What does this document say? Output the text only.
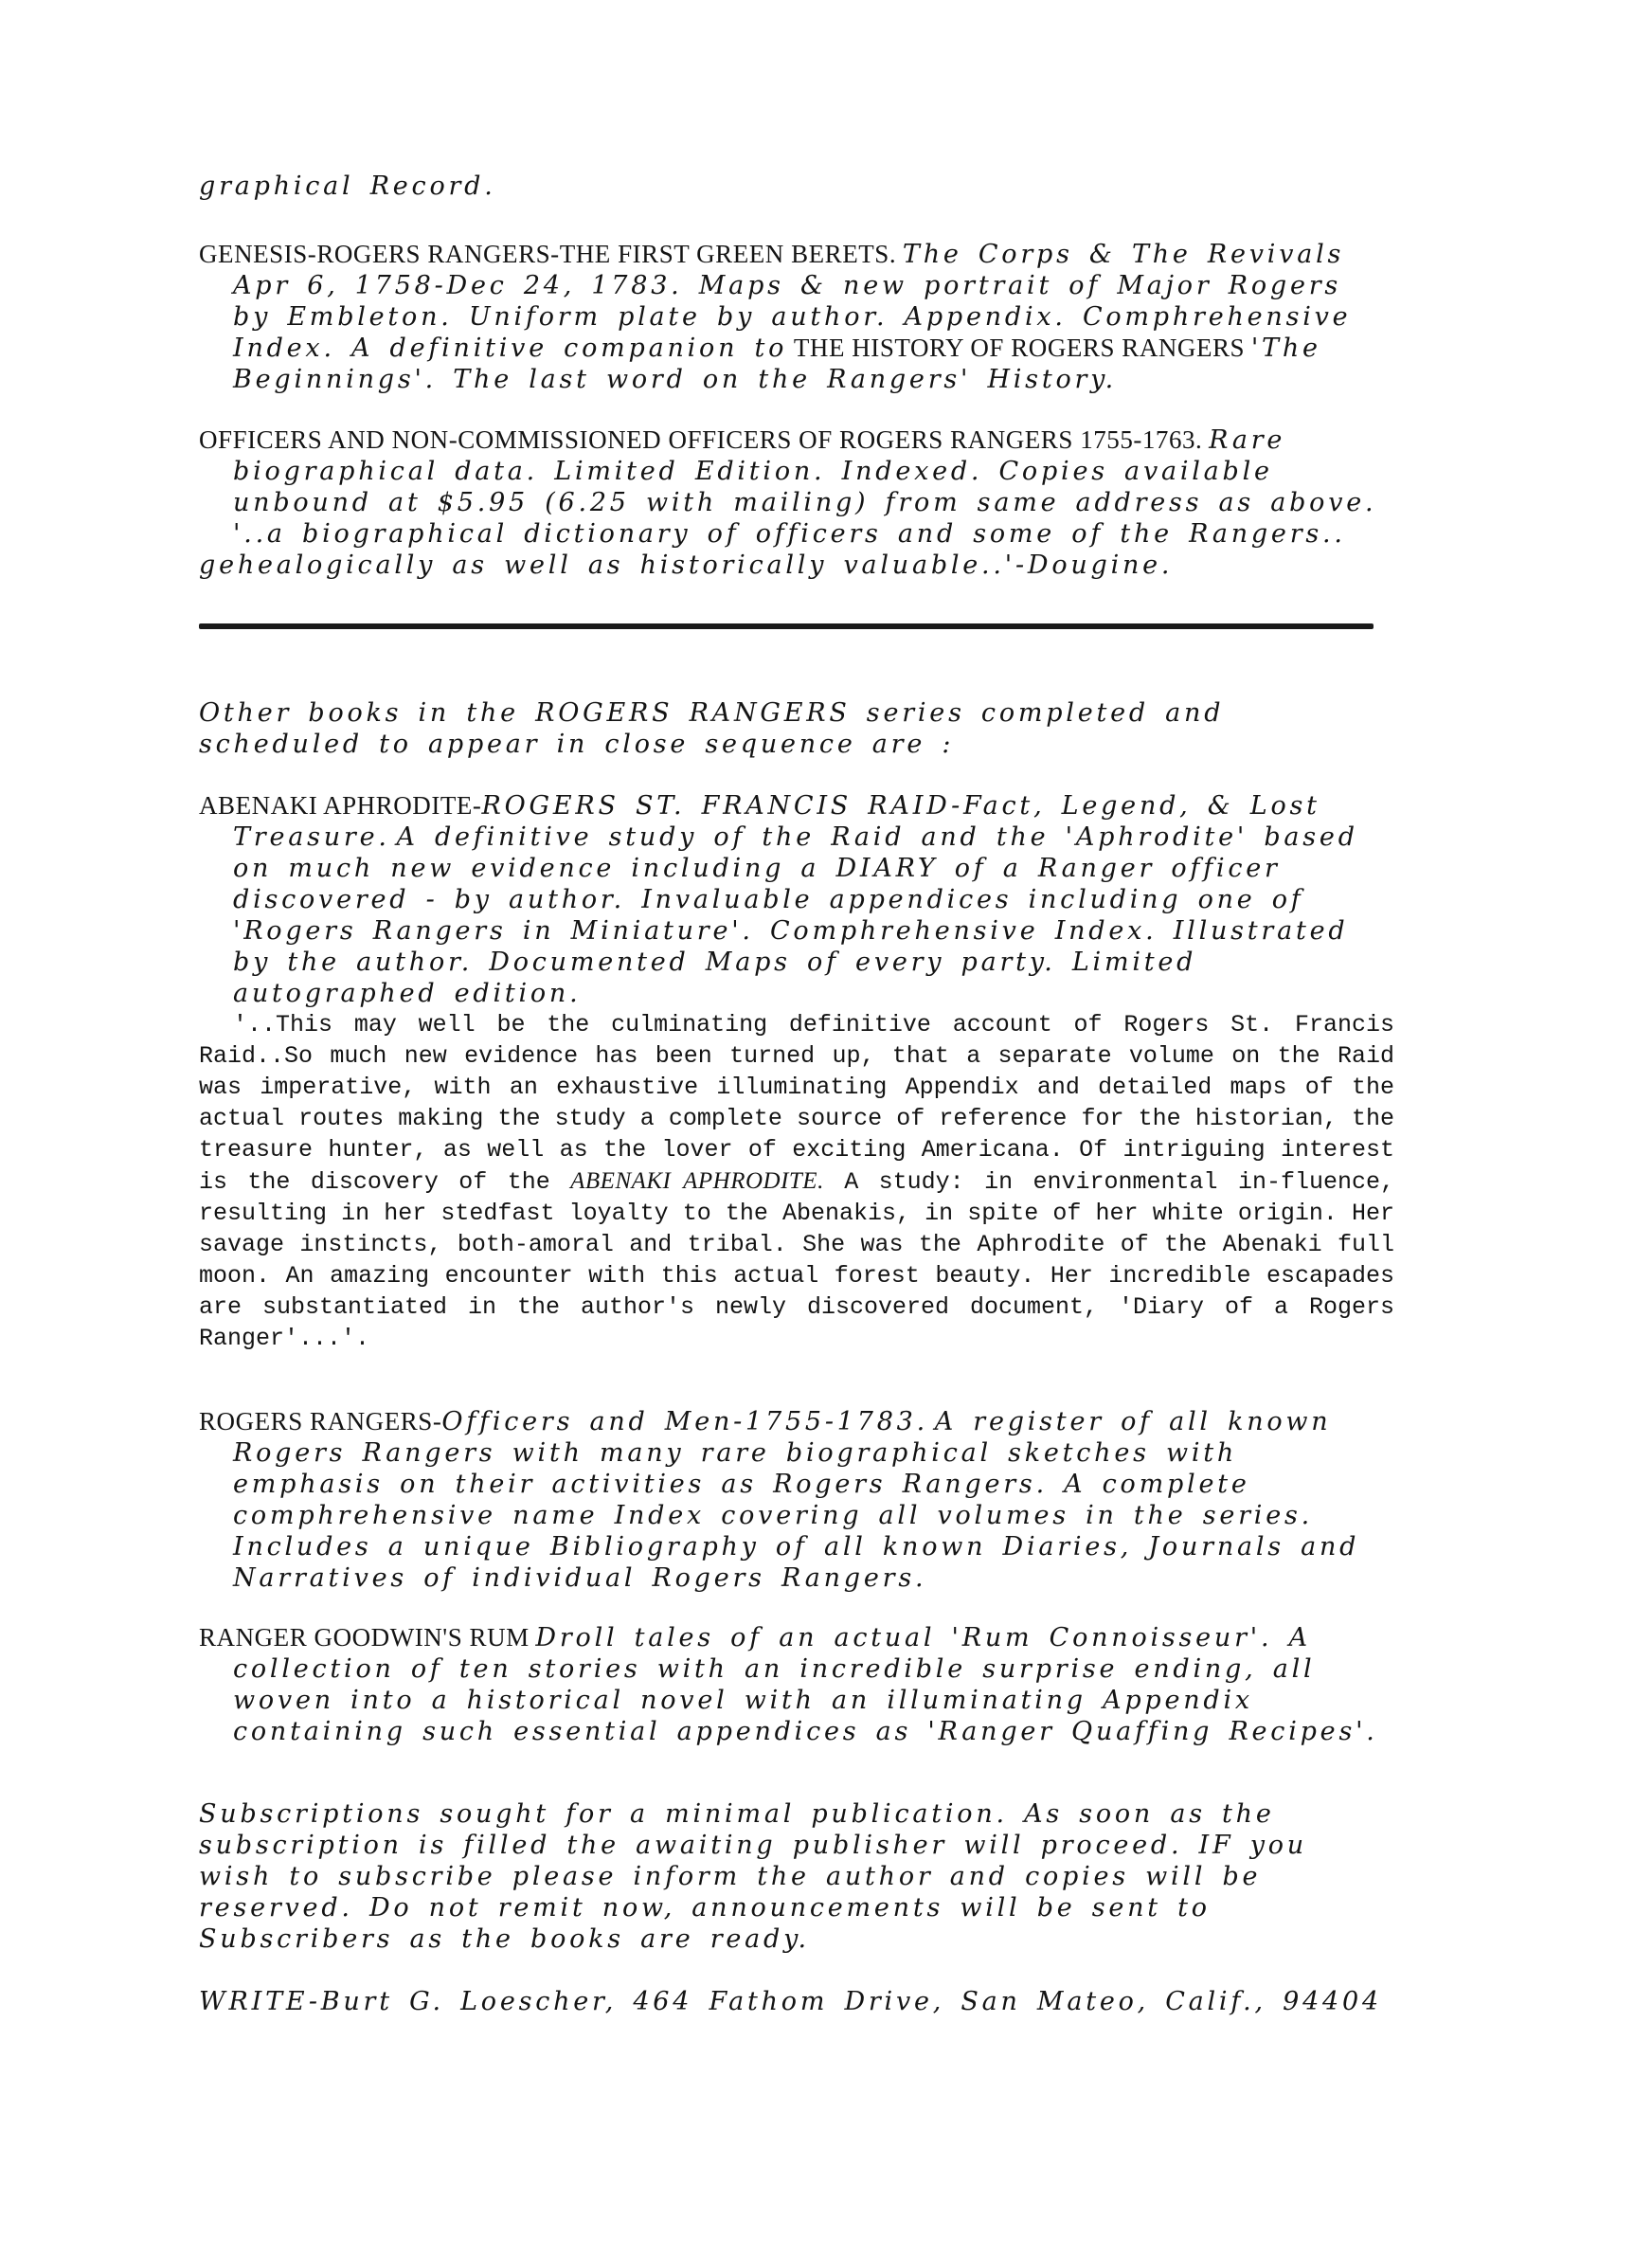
graphical Record.

GENESIS-ROGERS RANGERS-THE FIRST GREEN BERETS. The Corps & The Revivals Apr 6, 1758-Dec 24, 1783. Maps & new portrait of Major Rogers by Embleton. Uniform plate by author. Appendix. Comphrehensive Index. A definitive companion to THE HISTORY OF ROGERS RANGERS 'The Beginnings'. The last word on the Rangers' History.

OFFICERS AND NON-COMMISSIONED OFFICERS OF ROGERS RANGERS 1755-1763. Rare biographical data. Limited Edition. Indexed. Copies available unbound at $5.95 (6.25 with mailing) from same address as above.

'..a biographical dictionary of officers and some of the Rangers.. gehealogically as well as historically valuable..'-Dougine.

Other books in the ROGERS RANGERS series completed and scheduled to appear in close sequence are :

ABENAKI APHRODITE-ROGERS ST. FRANCIS RAID-Fact, Legend, & Lost Treasure. A definitive study of the Raid and the 'Aphrodite' based on much new evidence including a DIARY of a Ranger officer discovered - by author. Invaluable appendices including one of 'Rogers Rangers in Miniature'. Comphrehensive Index. Illustrated by the author. Documented Maps of every party. Limited autographed edition.

'..This may well be the culminating definitive account of Rogers St. Francis Raid..So much new evidence has been turned up, that a separate volume on the Raid was imperative, with an exhaustive illuminating Appendix and detailed maps of the actual routes making the study a complete source of reference for the historian, the treasure hunter, as well as the lover of exciting Americana. Of intriguing interest is the discovery of the ABENAKI APHRODITE. A study: in environmental in-fluence, resulting in her stedfast loyalty to the Abenakis, in spite of her white origin. Her savage instincts, both-amoral and tribal. She was the Aphrodite of the Abenaki full moon. An amazing encounter with this actual forest beauty. Her incredible escapades are substantiated in the author's newly discovered document, 'Diary of a Rogers Ranger'...'.

ROGERS RANGERS-Officers and Men-1755-1783. A register of all known Rogers Rangers with many rare biographical sketches with emphasis on their activities as Rogers Rangers. A complete comphrehensive name Index covering all volumes in the series. Includes a unique Bibliography of all known Diaries, Journals and Narratives of individual Rogers Rangers.

RANGER GOODWIN'S RUM Droll tales of an actual 'Rum Connoisseur'. A collection of ten stories with an incredible surprise ending, all woven into a historical novel with an illuminating Appendix containing such essential appendices as 'Ranger Quaffing Recipes'.

Subscriptions sought for a minimal publication. As soon as the subscription is filled the awaiting publisher will proceed. IF you wish to subscribe please inform the author and copies will be reserved. Do not remit now, announcements will be sent to Subscribers as the books are ready.

WRITE-Burt G. Loescher, 464 Fathom Drive, San Mateo, Calif., 94404
